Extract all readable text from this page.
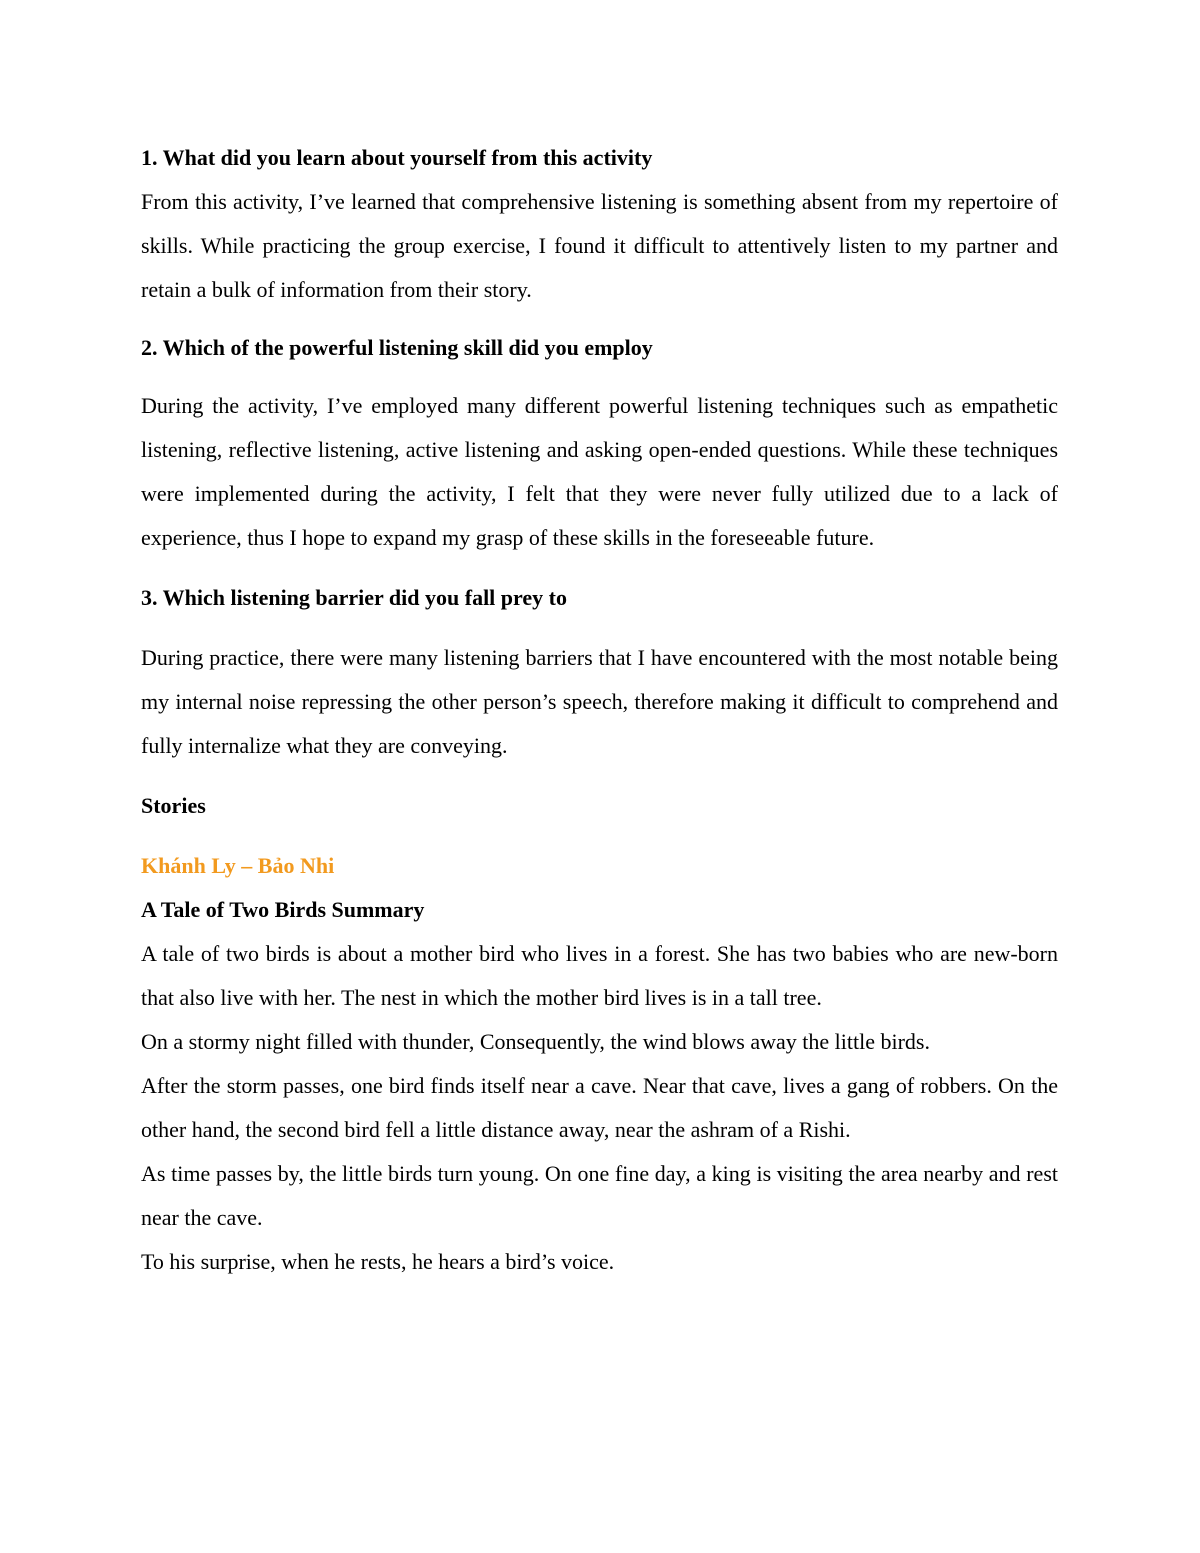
1. What did you learn about yourself from this activity

From this activity, I’ve learned that comprehensive listening is something absent from my repertoire of skills. While practicing the group exercise, I found it difficult to attentively listen to my partner and retain a bulk of information from their story.

2. Which of the powerful listening skill did you employ

During the activity, I’ve employed many different powerful listening techniques such as empathetic listening, reflective listening, active listening and asking open-ended questions. While these techniques were implemented during the activity, I felt that they were never fully utilized due to a lack of experience, thus I hope to expand my grasp of these skills in the foreseeable future.

3. Which listening barrier did you fall prey to

During practice, there were many listening barriers that I have encountered with the most notable being my internal noise repressing the other person’s speech, therefore making it difficult to comprehend and fully internalize what they are conveying.

Stories

Khánh Ly – Bảo Nhi

A Tale of Two Birds Summary

A tale of two birds is about a mother bird who lives in a forest. She has two babies who are new-born that also live with her. The nest in which the mother bird lives is in a tall tree.

On a stormy night filled with thunder, Consequently, the wind blows away the little birds.

After the storm passes, one bird finds itself near a cave. Near that cave, lives a gang of robbers. On the other hand, the second bird fell a little distance away, near the ashram of a Rishi.

As time passes by, the little birds turn young. On one fine day, a king is visiting the area nearby and rest near the cave.

To his surprise, when he rests, he hears a bird’s voice.
